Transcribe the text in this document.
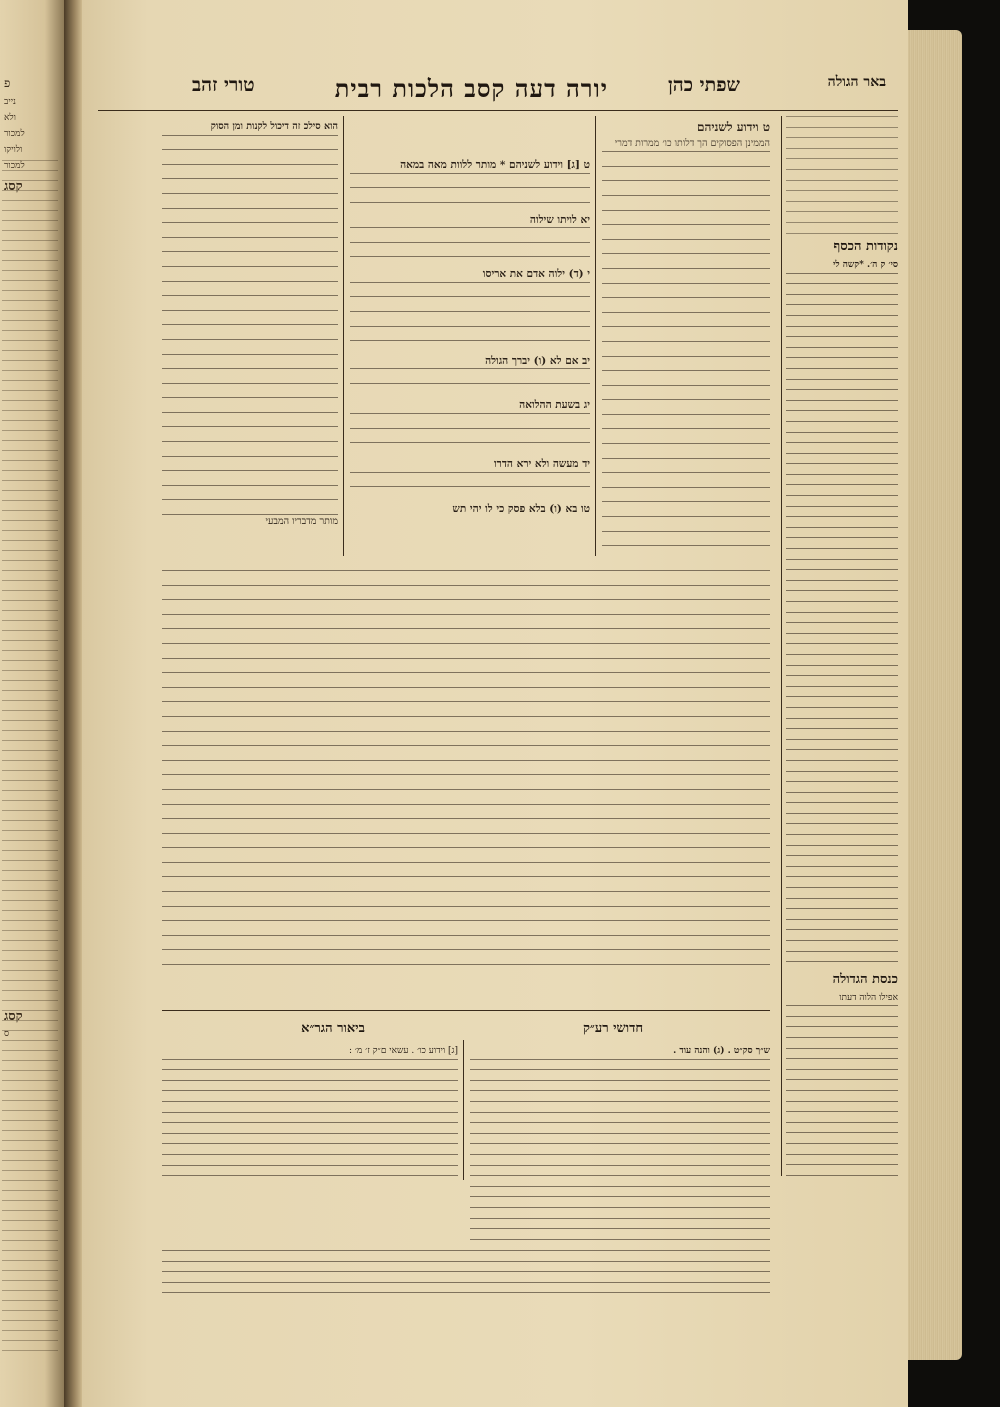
נייב
ולא
למכור
ולויקו
למכור
קסג
פ
קסג
ס
באר הגולה
שפתי כהן
יורה דעה קסב הלכות רבית
טורי זהב
נקודות הכסף
סי׳ ק ה׳. *קשה לי
כנסת הגדולה
אפילו הלוה דעתו
ט וידוע לשניהם
הממינן הפסוקים הך דלותו כו׳ ממרות דמרי
ט [ג] וידוע לשניהם * מותר ללוות מאה במאה
יא לויתו שילוה
י (ד) ילוה אדם את אריסו
יב אם לא (ו) יברך הגולה
יג בשעת ההלואה
יד מעשה ולא ירא הדרו
טו בא (ו) בלא פסק כי לו יהי תש
הוא סילכ זה דיכול לקנות ומן הסוק
מותר מדבריו המבעי
ביאור הגר״א	חדושי רע״ק
[ג] וידוע כו׳ . עשאי ם״ק ז׳ מ׳ :	ש״ך סק״ט . (ג) והנה עוד .
